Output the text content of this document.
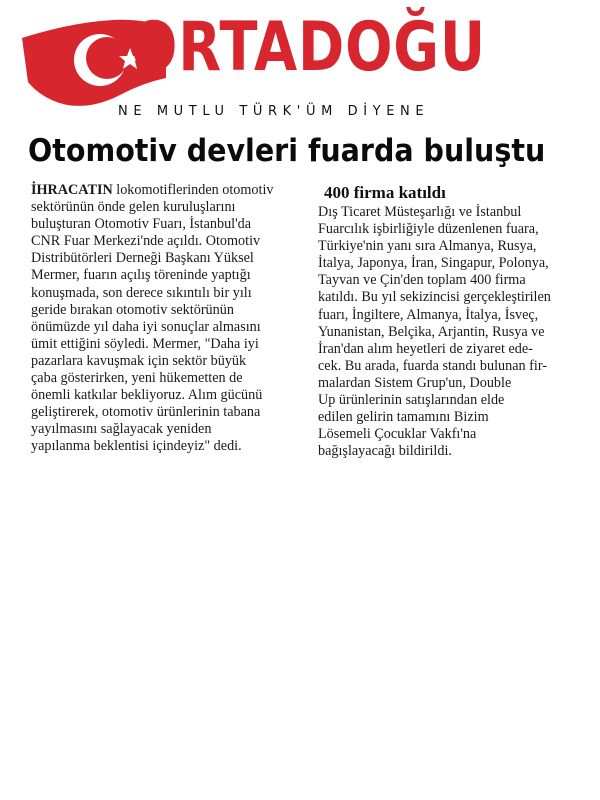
ORTADOĞU
NE MUTLU TÜRK'ÜM DİYENE
Otomotiv devleri fuarda buluştu
İHRACATIN lokomotiflerinden otomotiv
sektörünün önde gelen kuruluşlarını
buluşturan Otomotiv Fuarı, İstanbul'da
CNR Fuar Merkezi'nde açıldı. Otomotiv
Distribütörleri Derneği Başkanı Yüksel
Mermer, fuarın açılış töreninde yaptığı
konuşmada, son derece sıkıntılı bir yılı
geride bırakan otomotiv sektörünün
önümüzde yıl daha iyi sonuçlar almasını
ümit ettiğini söyledi. Mermer, "Daha iyi
pazarlara kavuşmak için sektör büyük
çaba gösterirken, yeni hükemetten de
önemli katkılar bekliyoruz. Alım gücünü
geliştirerek, otomotiv ürünlerinin tabana
yayılmasını sağlayacak yeniden
yapılanma beklentisi içindeyiz" dedi.
400 firma katıldı
Dış Ticaret Müsteşarlığı ve İstanbul
Fuarcılık işbirliğiyle düzenlenen fuara,
Türkiye'nin yanı sıra Almanya, Rusya,
İtalya, Japonya, İran, Singapur, Polonya,
Tayvan ve Çin'den toplam 400 firma
katıldı. Bu yıl sekizincisi gerçekleştirilen
fuarı, İngiltere, Almanya, İtalya, İsveç,
Yunanistan, Belçika, Arjantin, Rusya ve
İran'dan alım heyetleri de ziyaret ede-
cek. Bu arada, fuarda standı bulunan fir-
malardan Sistem Grup'un, Double
Up ürünlerinin satışlarından elde
edilen gelirin tamamını Bizim
Lösemeli Çocuklar Vakfı'na
bağışlayacağı bildirildi.
